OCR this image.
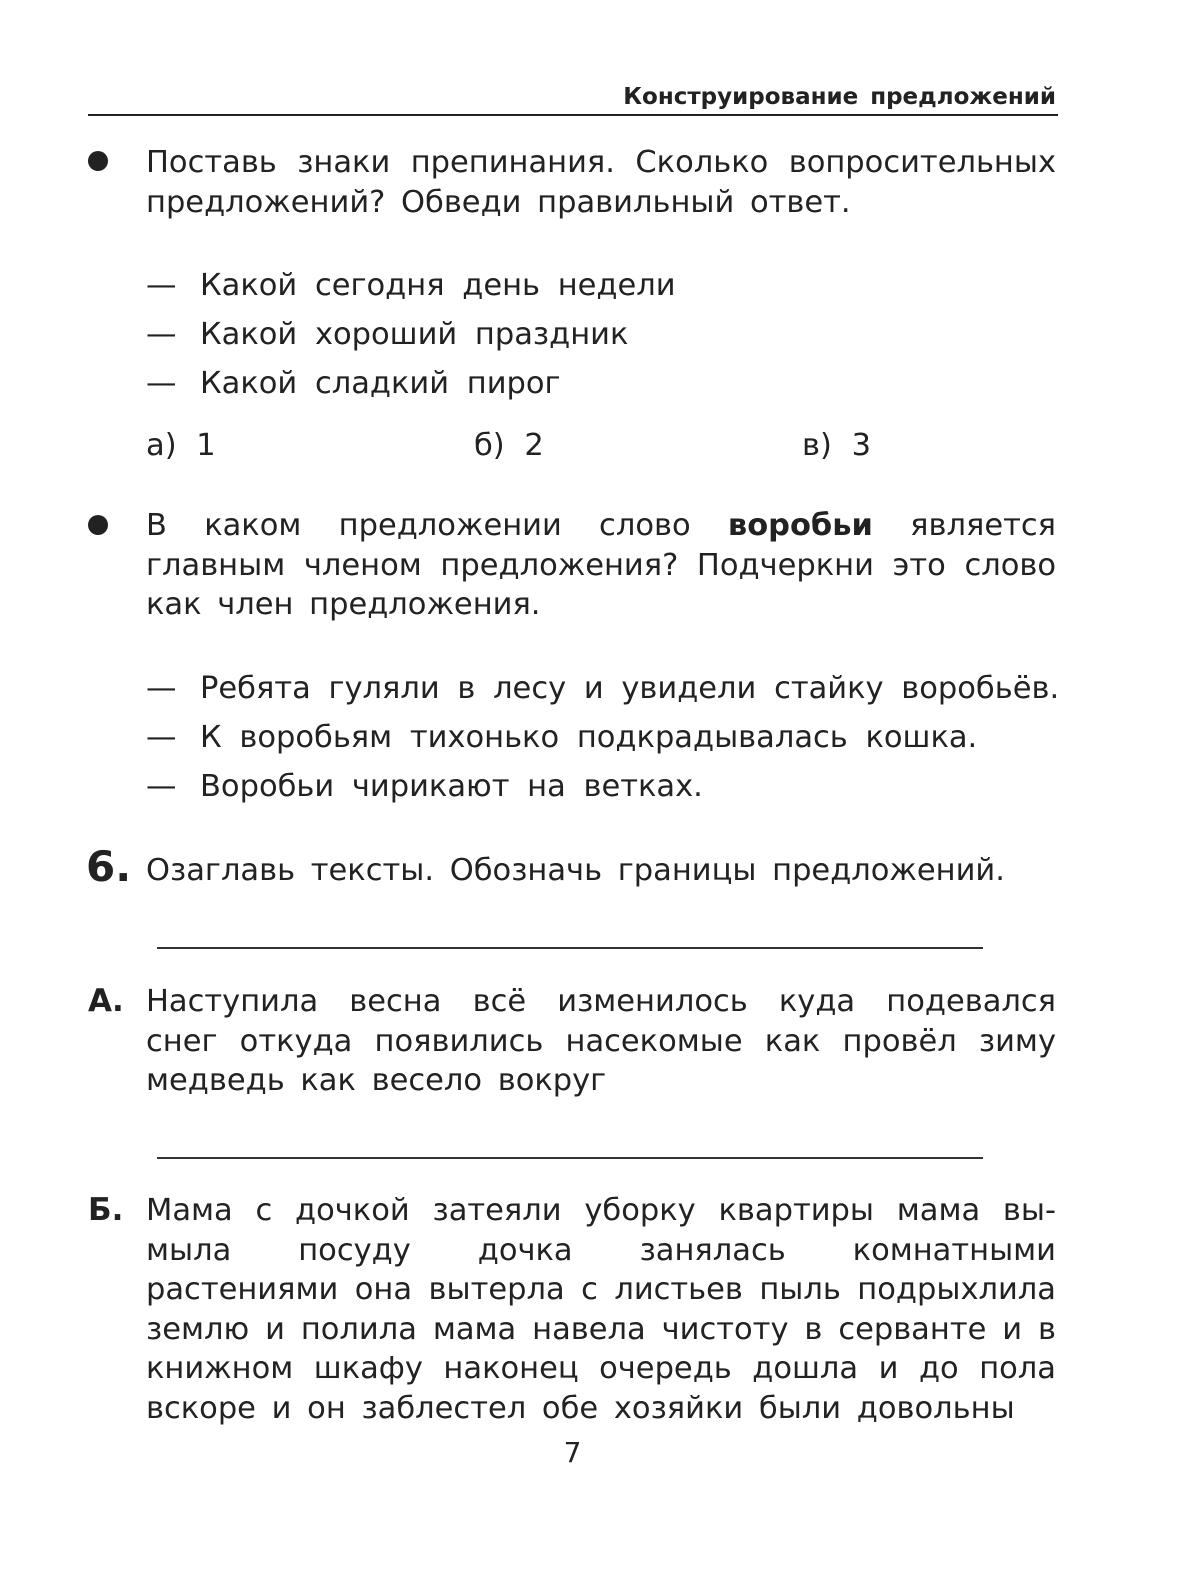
Конструирование предложений
Поставь знаки препинания. Сколько вопросительных предложений? Обведи правильный ответ.
— Какой сегодня день недели
— Какой хороший праздник
— Какой сладкий пирог
а) 1	б) 2	в) 3
В каком предложении слово воробьи является главным членом предложения? Подчеркни это слово как член предложения.
— Ребята гуляли в лесу и увидели стайку воробьёв.
— К воробьям тихонько подкрадывалась кошка.
— Воробьи чирикают на ветках.
6. Озаглавь тексты. Обозначь границы предложений.
А. Наступила весна всё изменилось куда подевался снег откуда появились насекомые как провёл зиму медведь как весело вокруг
Б. Мама с дочкой затеяли уборку квартиры мама вымыла посуду дочка занялась комнатными растениями она вытерла с листьев пыль подрыхлила землю и полила мама навела чистоту в серванте и в книжном шкафу наконец очередь дошла и до пола вскоре и он заблестел обе хозяйки были довольны
7
